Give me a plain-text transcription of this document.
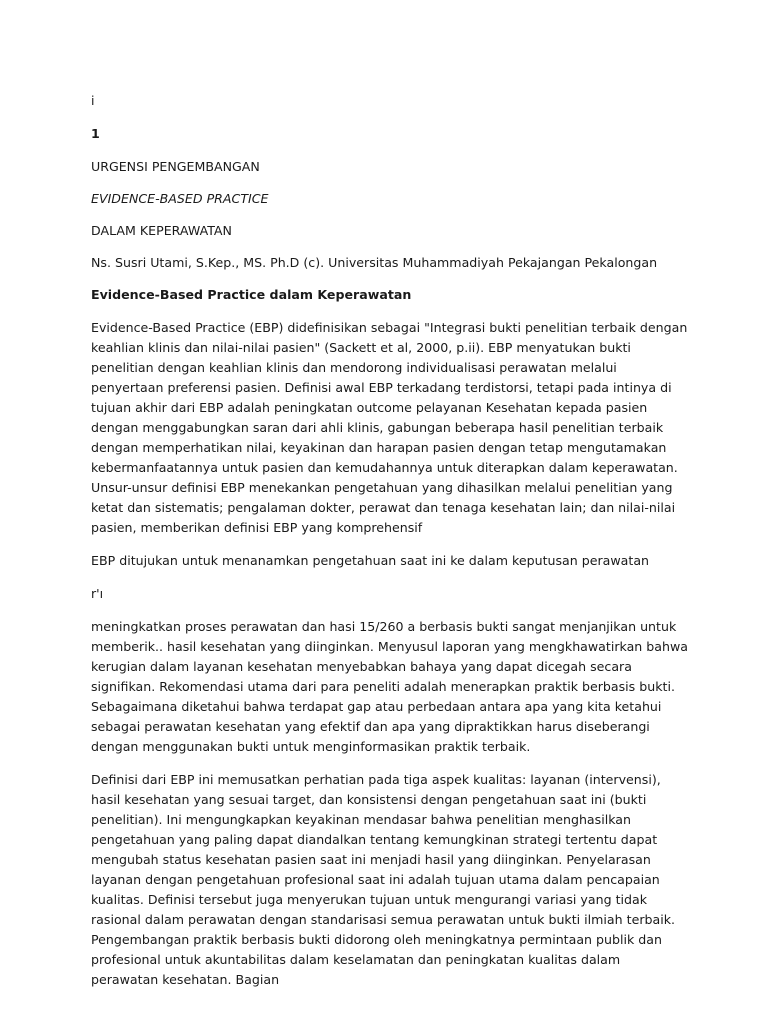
i

1

URGENSI PENGEMBANGAN

EVIDENCE-BASED PRACTICE

DALAM KEPERAWATAN

Ns. Susri Utami, S.Kep., MS. Ph.D (c). Universitas Muhammadiyah Pekajangan Pekalongan

Evidence-Based Practice dalam Keperawatan

Evidence-Based Practice (EBP) didefinisikan sebagai "Integrasi bukti penelitian terbaik dengan keahlian klinis dan nilai-nilai pasien" (Sackett et al, 2000, p.ii). EBP menyatukan bukti penelitian dengan keahlian klinis dan mendorong individualisasi perawatan melalui penyertaan preferensi pasien. Definisi awal EBP terkadang terdistorsi, tetapi pada intinya di tujuan akhir dari EBP adalah peningkatan outcome pelayanan Kesehatan kepada pasien dengan menggabungkan saran dari ahli klinis, gabungan beberapa hasil penelitian terbaik dengan memperhatikan nilai, keyakinan dan harapan pasien dengan tetap mengutamakan kebermanfaatannya untuk pasien dan kemudahannya untuk diterapkan dalam keperawatan. Unsur-unsur definisi EBP menekankan pengetahuan yang dihasilkan melalui penelitian yang ketat dan sistematis; pengalaman dokter, perawat dan tenaga kesehatan lain; dan nilai-nilai pasien, memberikan definisi EBP yang komprehensif

EBP ditujukan untuk menanamkan pengetahuan saat ini ke dalam keputusan perawatan

r'ı

meningkatkan proses perawatan dan hasi 15/260 a berbasis bukti sangat menjanjikan untuk memberik.. hasil kesehatan yang diinginkan. Menyusul laporan yang mengkhawatirkan bahwa kerugian dalam layanan kesehatan menyebabkan bahaya yang dapat dicegah secara signifikan. Rekomendasi utama dari para peneliti adalah menerapkan praktik berbasis bukti. Sebagaimana diketahui bahwa terdapat gap atau perbedaan antara apa yang kita ketahui sebagai perawatan kesehatan yang efektif dan apa yang dipraktikkan harus diseberangi dengan menggunakan bukti untuk menginformasikan praktik terbaik.

Definisi dari EBP ini memusatkan perhatian pada tiga aspek kualitas: layanan (intervensi), hasil kesehatan yang sesuai target, dan konsistensi dengan pengetahuan saat ini (bukti penelitian). Ini mengungkapkan keyakinan mendasar bahwa penelitian menghasilkan pengetahuan yang paling dapat diandalkan tentang kemungkinan strategi tertentu dapat mengubah status kesehatan pasien saat ini menjadi hasil yang diinginkan. Penyelarasan layanan dengan pengetahuan profesional saat ini adalah tujuan utama dalam pencapaian kualitas. Definisi tersebut juga menyerukan tujuan untuk mengurangi variasi yang tidak rasional dalam perawatan dengan standarisasi semua perawatan untuk bukti ilmiah terbaik. Pengembangan praktik berbasis bukti didorong oleh meningkatnya permintaan publik dan profesional untuk akuntabilitas dalam keselamatan dan peningkatan kualitas dalam perawatan kesehatan. Bagian
